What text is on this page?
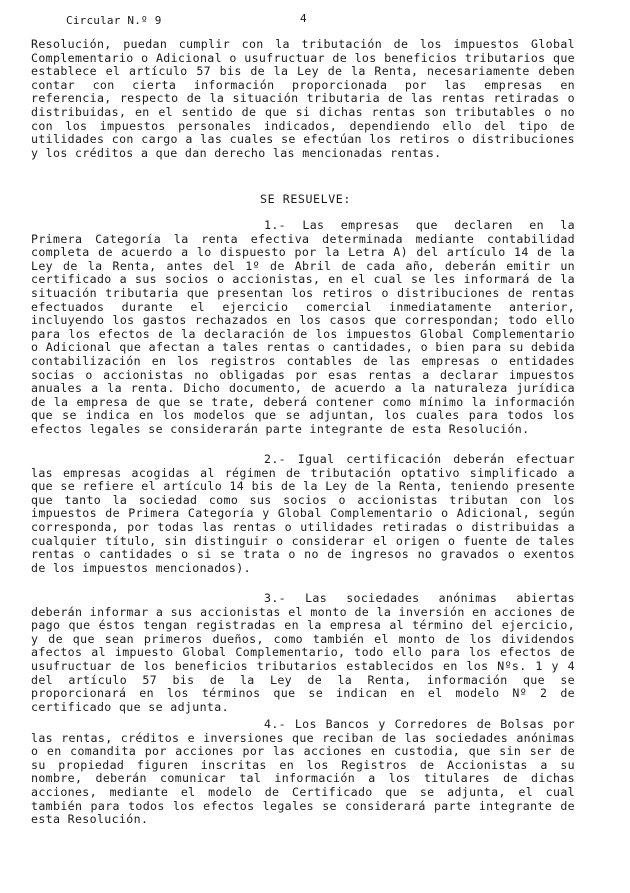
Circular N.º 9	4
Resolución, puedan cumplir con la tributación de los impuestos Global Complementario o Adicional o usufructuar de los beneficios tributarios que establece el artículo 57 bis de la Ley de la Renta, necesariamente deben contar con cierta información proporcionada por las empresas en referencia, respecto de la situación tributaria de las rentas retiradas o distribuidas, en el sentido de que si dichas rentas son tributables o no con los impuestos personales indicados, dependiendo ello del tipo de utilidades con cargo a las cuales se efectúan los retiros o distribuciones y los créditos a que dan derecho las mencionadas rentas.
SE RESUELVE:
1.- Las empresas que declaren en la Primera Categoría la renta efectiva determinada mediante contabilidad completa de acuerdo a lo dispuesto por la Letra A) del artículo 14 de la Ley de la Renta, antes del 1º de Abril de cada año, deberán emitir un certificado a sus socios o accionistas, en el cual se les informará de la situación tributaria que presentan los retiros o distribuciones de rentas efectuados durante el ejercicio comercial inmediatamente anterior, incluyendo los gastos rechazados en los casos que correspondan; todo ello para los efectos de la declaración de los impuestos Global Complementario o Adicional que afectan a tales rentas o cantidades, o bien para su debida contabilización en los registros contables de las empresas o entidades socias o accionistas no obligadas por esas rentas a declarar impuestos anuales a la renta. Dicho documento, de acuerdo a la naturaleza jurídica de la empresa de que se trate, deberá contener como mínimo la información que se indica en los modelos que se adjuntan, los cuales para todos los efectos legales se considerarán parte integrante de esta Resolución.
2.- Igual certificación deberán efectuar las empresas acogidas al régimen de tributación optativo simplificado a que se refiere el artículo 14 bis de la Ley de la Renta, teniendo presente que tanto la sociedad como sus socios o accionistas tributan con los impuestos de Primera Categoría y Global Complementario o Adicional, según corresponda, por todas las rentas o utilidades retiradas o distribuidas a cualquier título, sin distinguir o considerar el origen o fuente de tales rentas o cantidades o si se trata o no de ingresos no gravados o exentos de los impuestos mencionados).
3.- Las sociedades anónimas abiertas deberán informar a sus accionistas el monto de la inversión en acciones de pago que éstos tengan registradas en la empresa al término del ejercicio, y de que sean primeros dueños, como también el monto de los dividendos afectos al impuesto Global Complementario, todo ello para los efectos de usufructuar de los beneficios tributarios establecidos en los Nºs. 1 y 4 del artículo 57 bis de la Ley de la Renta, información que se proporcionará en los términos que se indican en el modelo Nº 2 de certificado que se adjunta.
4.- Los Bancos y Corredores de Bolsas por las rentas, créditos e inversiones que reciban de las sociedades anónimas o en comandita por acciones por las acciones en custodia, que sin ser de su propiedad figuren inscritas en los Registros de Accionistas a su nombre, deberán comunicar tal información a los titulares de dichas acciones, mediante el modelo de Certificado que se adjunta, el cual también para todos los efectos legales se considerará parte integrante de esta Resolución.
